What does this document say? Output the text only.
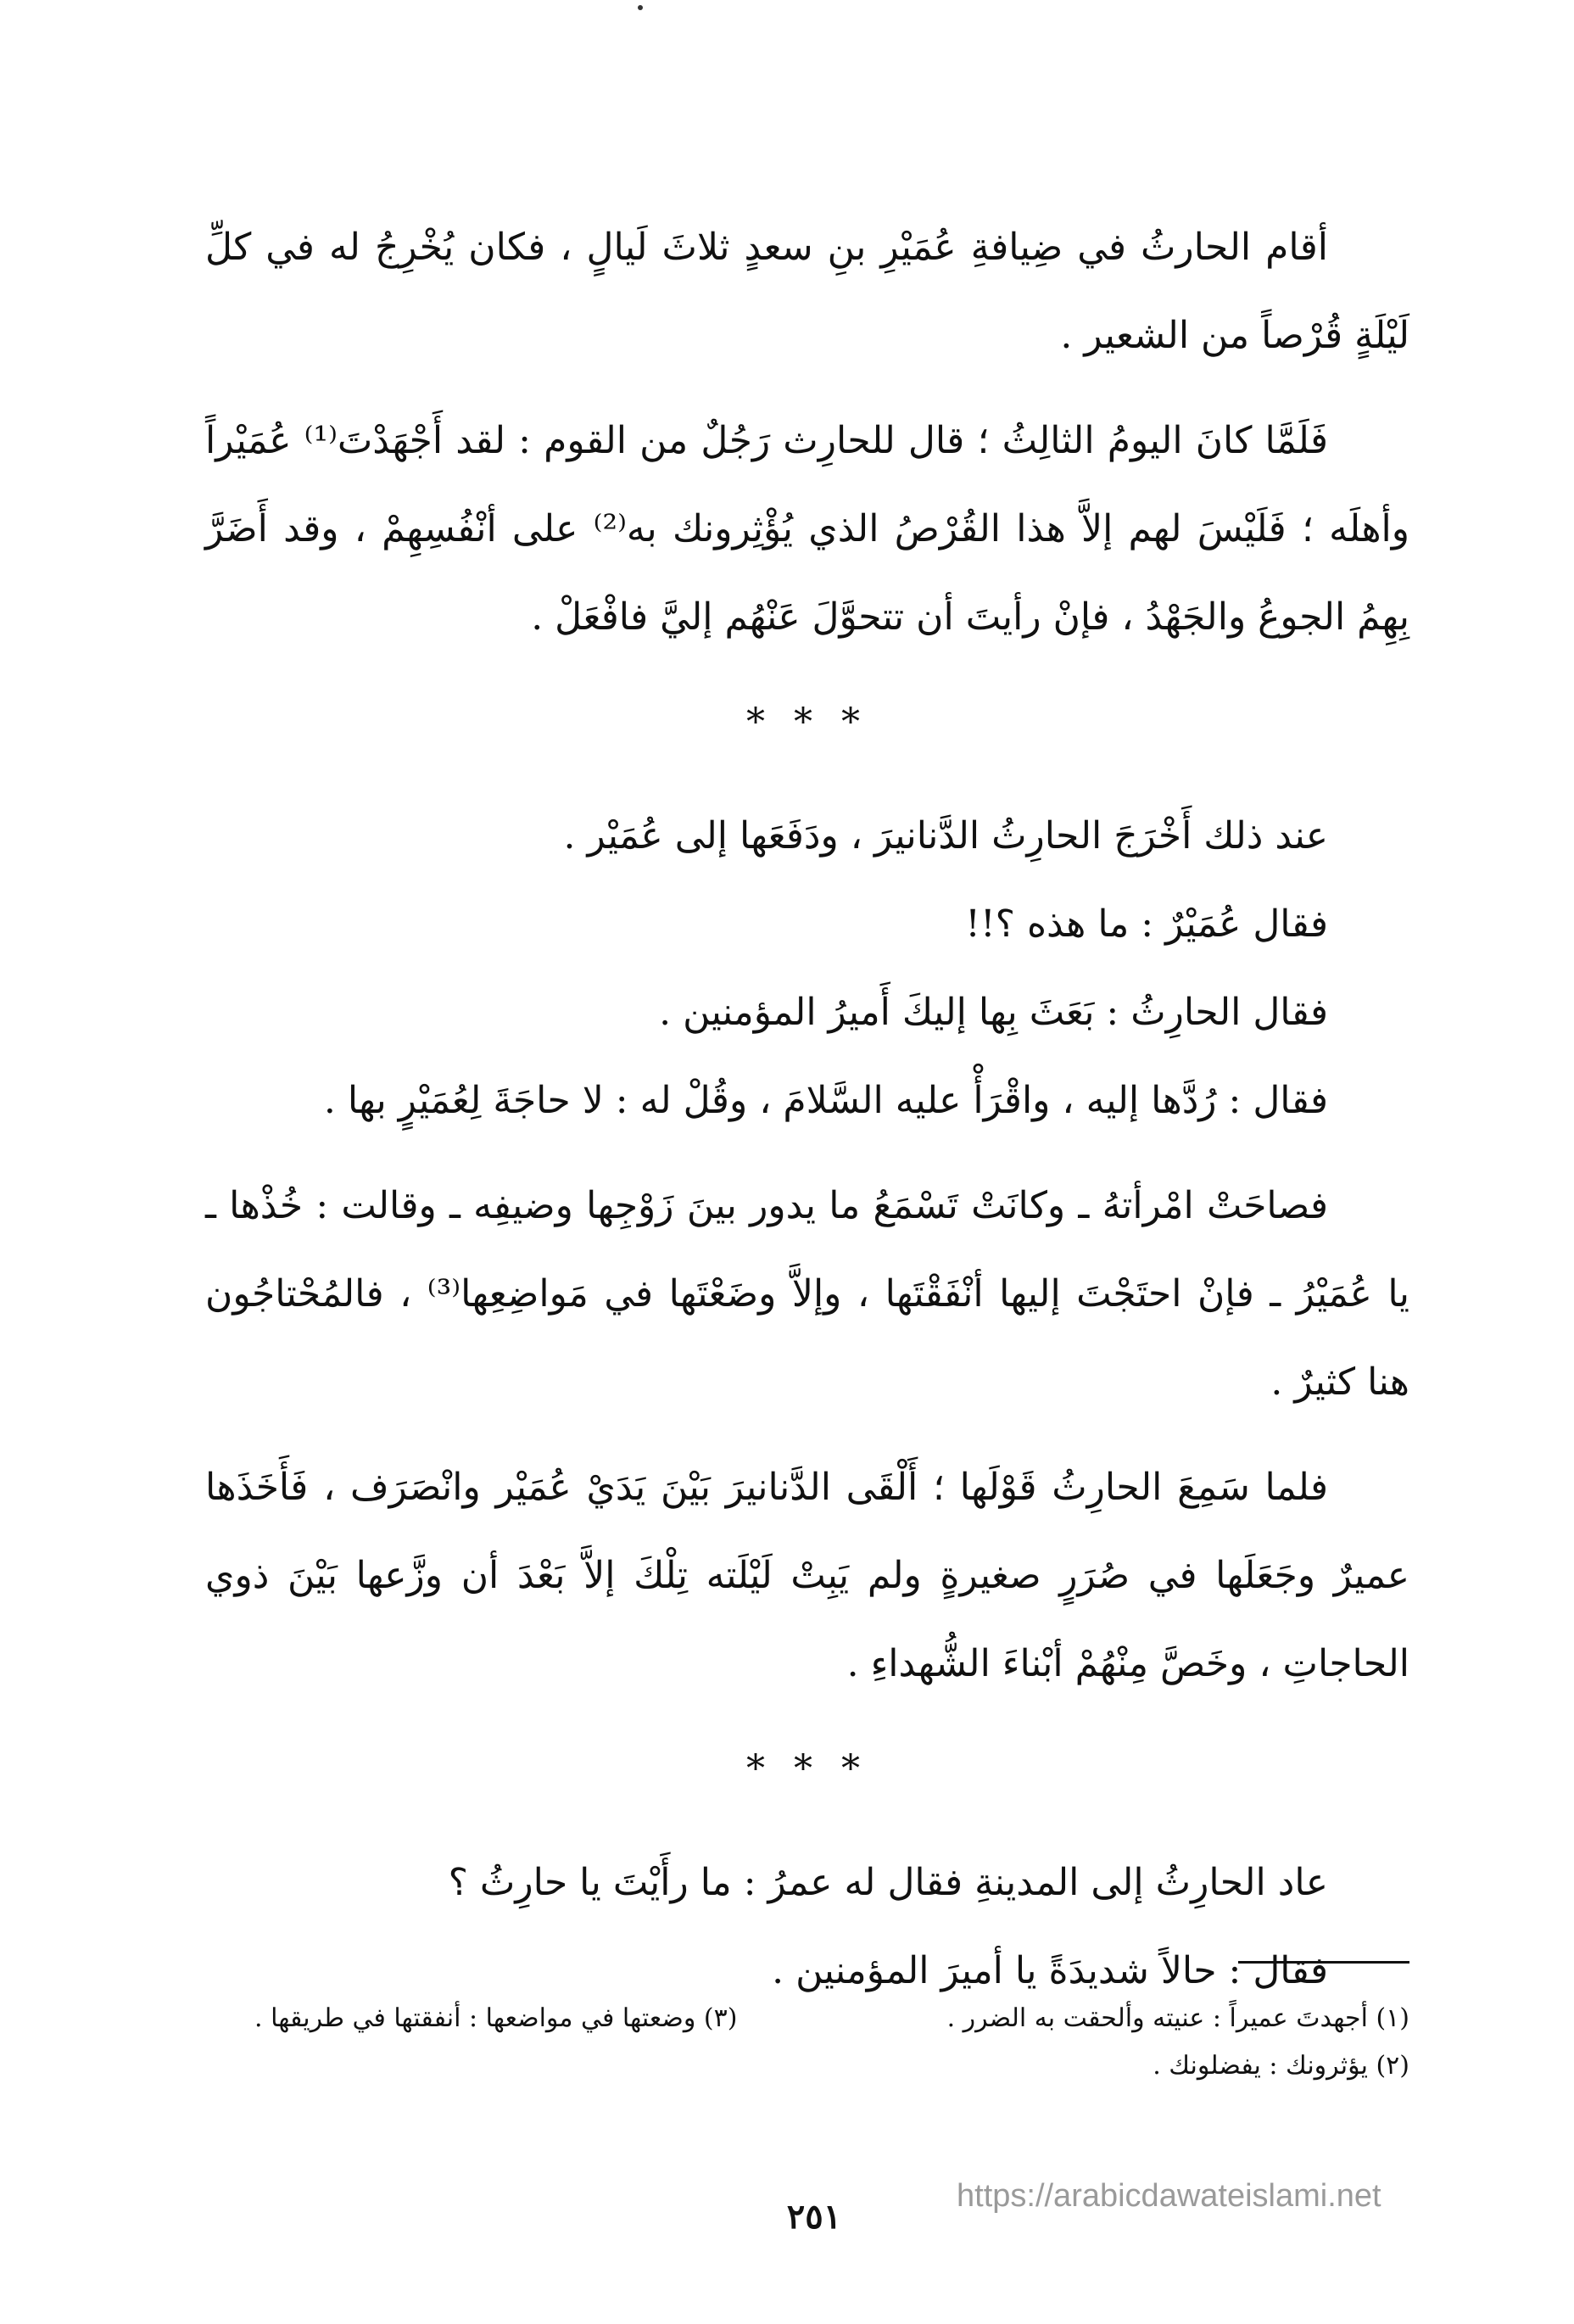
أقام الحارثُ في ضِيافةِ عُمَيْرِ بنِ سعدٍ ثلاثَ لَيالٍ ، فكان يُخْرِجُ له في كلِّ لَيْلَةٍ قُرْصاً من الشعير .

فَلَمَّا كانَ اليومُ الثالِثُ ؛ قال للحارِث رَجُلٌ من القوم : لقد أَجْهَدْتَ⁽¹⁾ عُمَيْراً وأهلَه ؛ فَلَيْسَ لهم إلاَّ هذا القُرْصُ الذي يُؤْثِرونك به⁽²⁾ على أنْفُسِهِمْ ، وقد أَضَرَّ بِهِمُ الجوعُ والجَهْدُ ، فإنْ رأيتَ أن تتحوَّلَ عَنْهُم إليَّ فافْعَلْ .

* * *

عند ذلك أَخْرَجَ الحارِثُ الدَّنانيرَ ، ودَفَعَها إلى عُمَيْر .

فقال عُمَيْرٌ : ما هذه ؟!!

فقال الحارِثُ : بَعَثَ بِها إليكَ أَميرُ المؤمنين .

فقال : رُدَّها إليه ، واقْرَأْ عليه السَّلامَ ، وقُلْ له : لا حاجَةَ لِعُمَيْرٍ بها .

فصاحَتْ امْرأتهُ ـ وكانَتْ تَسْمَعُ ما يدور بينَ زَوْجِها وضيفِه ـ وقالت : خُذْها ـ يا عُمَيْرُ ـ فإنْ احتَجْتَ إليها أنْفَقْتَها ، وإلاَّ وضَعْتَها في مَواضِعِها⁽³⁾ ، فالمُحْتاجُون هنا كثيرٌ .

فلما سَمِعَ الحارِثُ قَوْلَها ؛ أَلْقَى الدَّنانيرَ بَيْنَ يَدَيْ عُمَيْر وانْصَرَف ، فَأَخَذَها عميرٌ وجَعَلَها في صُرَرٍ صغيرةٍ ولم يَبِتْ لَيْلَته تِلْكَ إلاَّ بَعْدَ أن وزَّعها بَيْنَ ذوي الحاجاتِ ، وخَصَّ مِنْهُمْ أبْناءَ الشُّهداءِ .

* * *

عاد الحارِثُ إلى المدينةِ فقال له عمرُ : ما رأَيْتَ يا حارِثُ ؟

فقال : حالاً شديدَةً يا أميرَ المؤمنين .

(١) أجهدتَ عميراً : عنيته وألحقت به الضرر .
(٣) وضعتها في مواضعها : أنفقتها في طريقها .
(٢) يؤثرونك : يفضلونك .
٢٥١
https://arabicdawateislami.net
